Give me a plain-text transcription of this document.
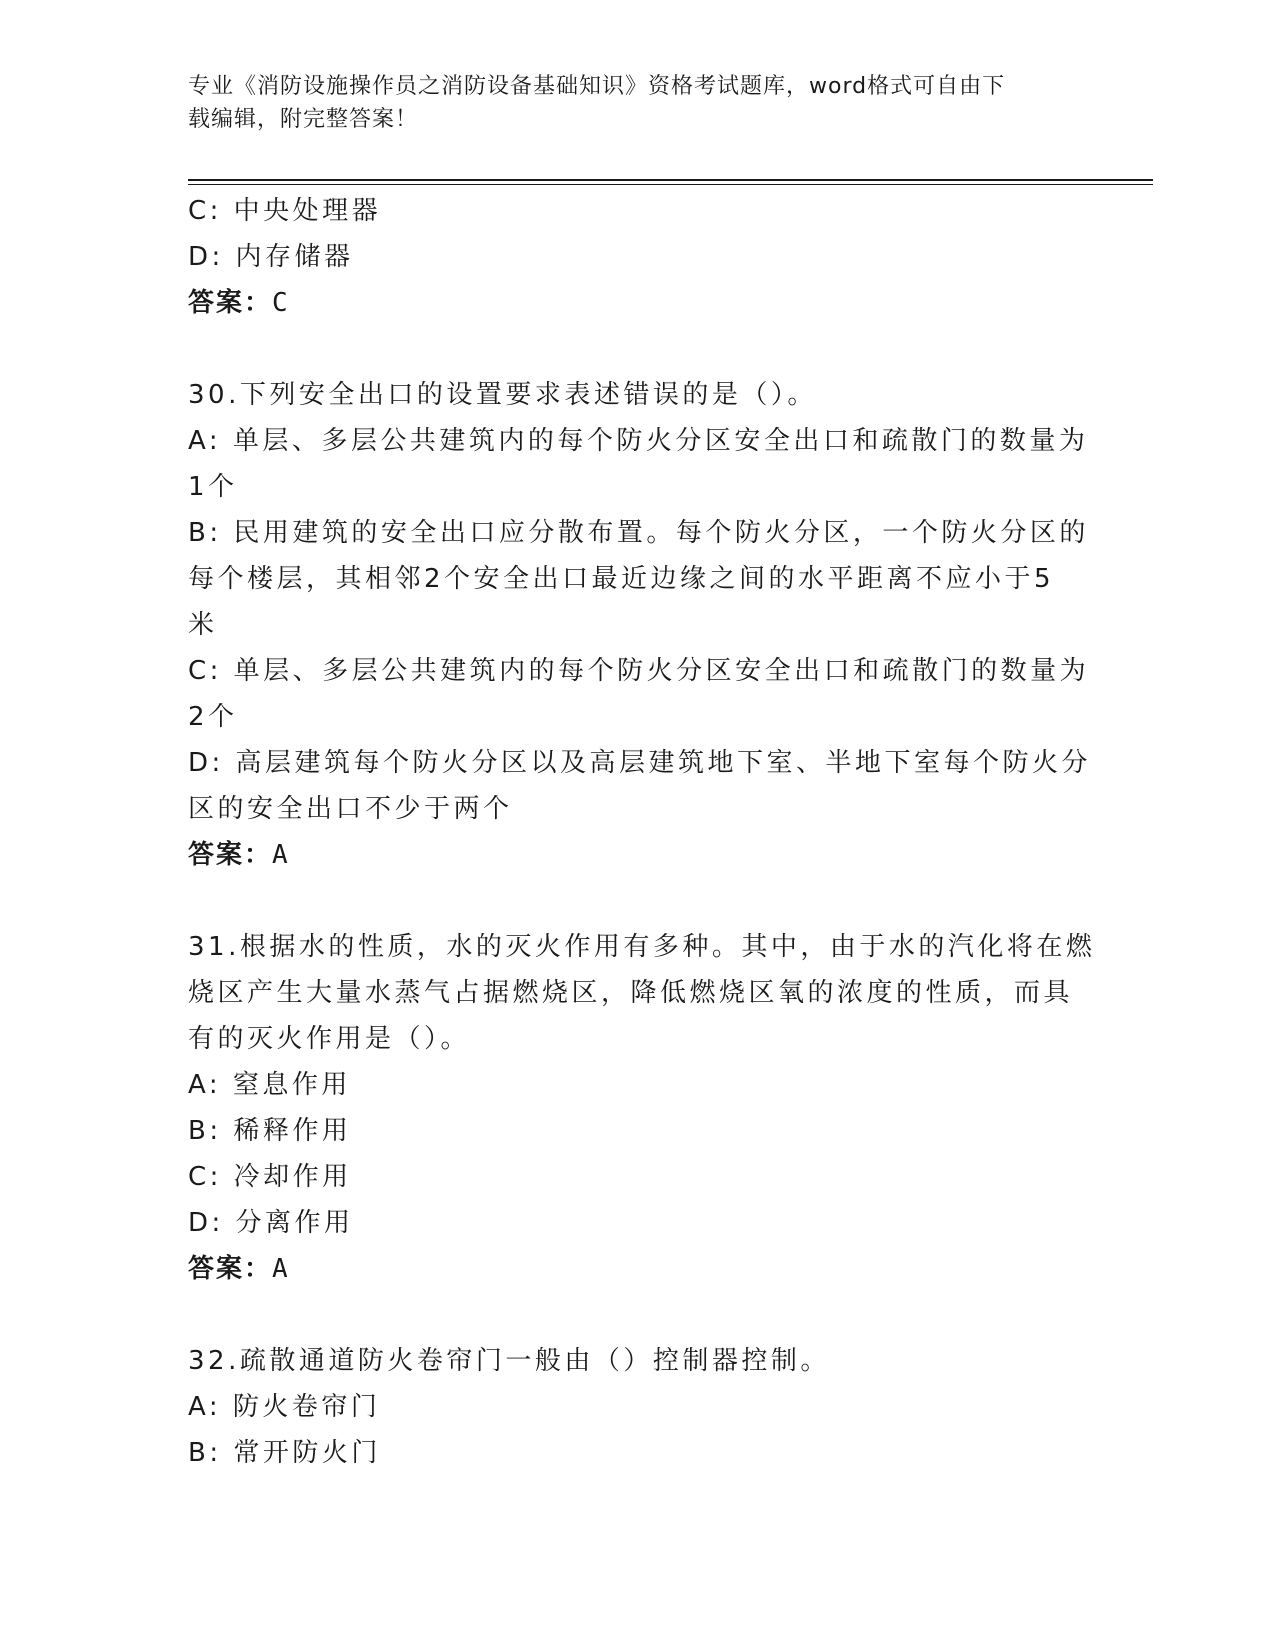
专业《消防设施操作员之消防设备基础知识》资格考试题库，word格式可自由下
载编辑，附完整答案！
C: 中央处理器
D: 内存储器
答案：C
30.下列安全出口的设置要求表述错误的是（）。
A: 单层、多层公共建筑内的每个防火分区安全出口和疏散门的数量为
1个
B: 民用建筑的安全出口应分散布置。每个防火分区，一个防火分区的
每个楼层，其相邻2个安全出口最近边缘之间的水平距离不应小于5
米
C: 单层、多层公共建筑内的每个防火分区安全出口和疏散门的数量为
2个
D: 高层建筑每个防火分区以及高层建筑地下室、半地下室每个防火分
区的安全出口不少于两个
答案：A
31.根据水的性质，水的灭火作用有多种。其中，由于水的汽化将在燃
烧区产生大量水蒸气占据燃烧区，降低燃烧区氧的浓度的性质，而具
有的灭火作用是（）。
A: 窒息作用
B: 稀释作用
C: 冷却作用
D: 分离作用
答案：A
32.疏散通道防火卷帘门一般由（）控制器控制。
A: 防火卷帘门
B: 常开防火门
